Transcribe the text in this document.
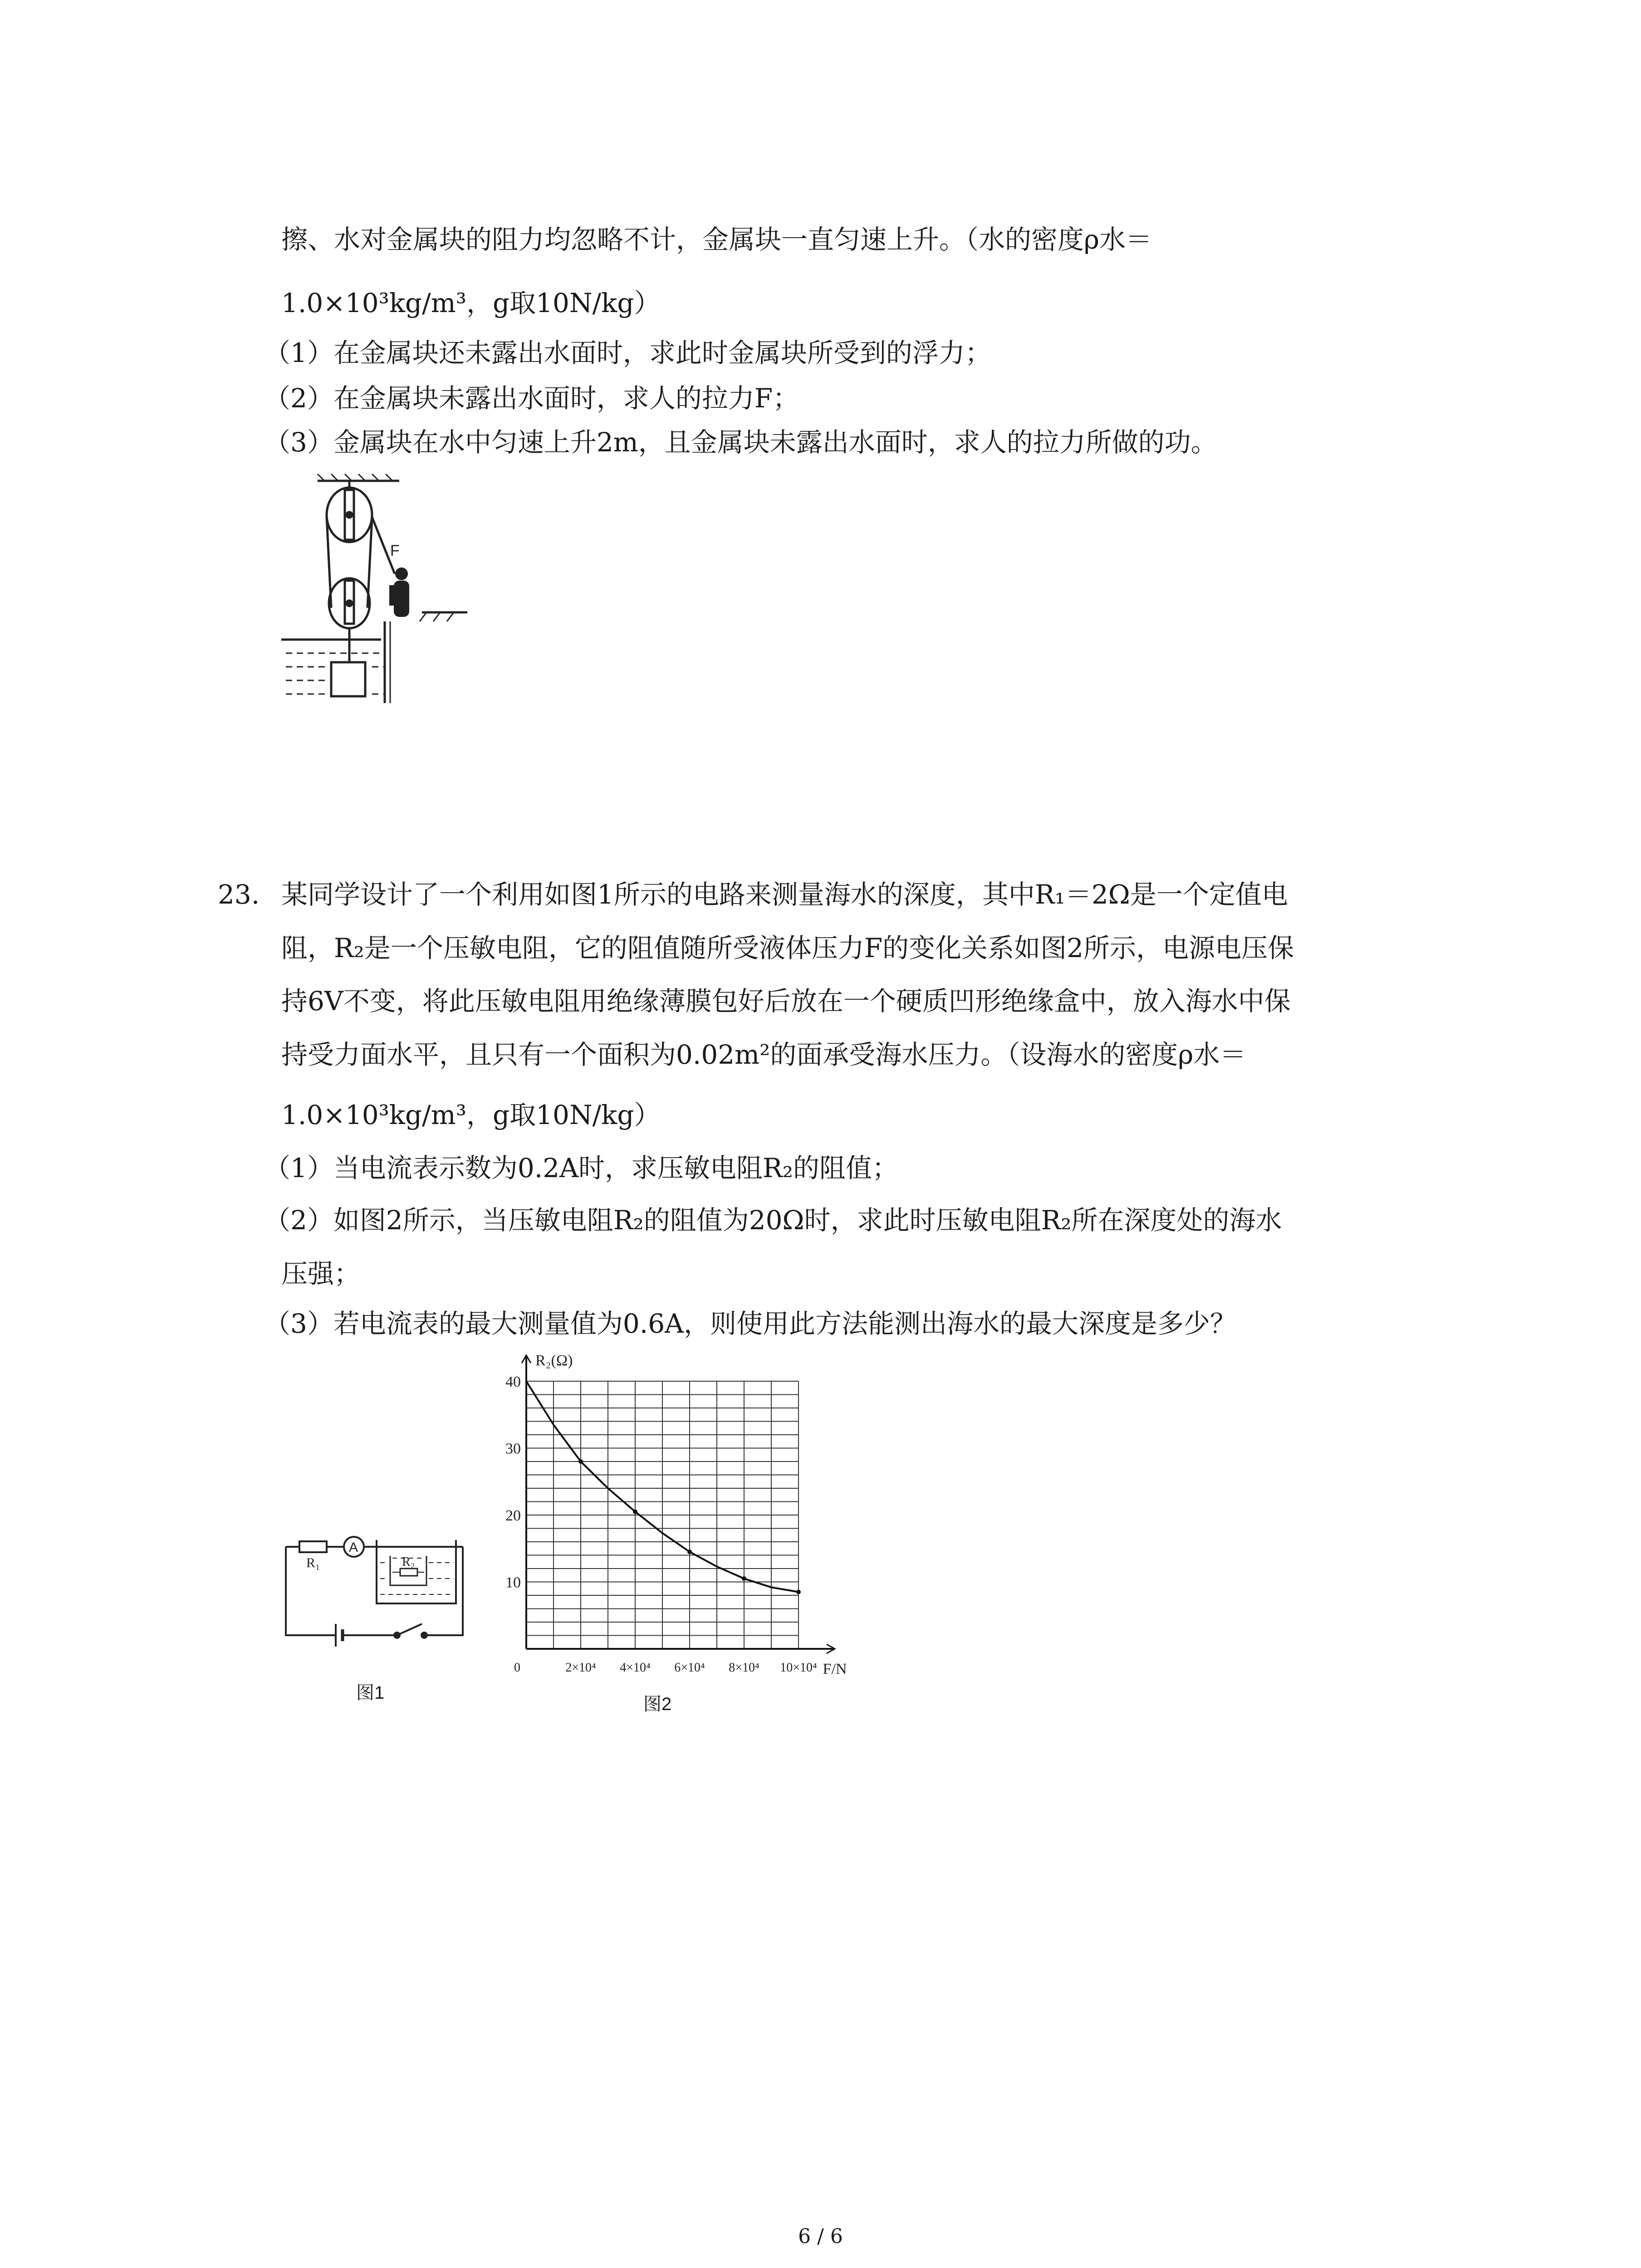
擦、水对金属块的阻力均忽略不计，金属块一直匀速上升。（水的密度ρ水＝
1.0×10³kg/m³，g取10N/kg）
（1）在金属块还未露出水面时，求此时金属块所受到的浮力；
（2）在金属块未露出水面时，求人的拉力F；
（3）金属块在水中匀速上升2m，且金属块未露出水面时，求人的拉力所做的功。
F
23. 某同学设计了一个利用如图1所示的电路来测量海水的深度，其中R₁＝2Ω是一个定值电
阻，R₂是一个压敏电阻，它的阻值随所受液体压力F的变化关系如图2所示，电源电压保
持6V不变，将此压敏电阻用绝缘薄膜包好后放在一个硬质凹形绝缘盒中，放入海水中保
持受力面水平，且只有一个面积为0.02m²的面承受海水压力。（设海水的密度ρ水＝
1.0×10³kg/m³，g取10N/kg）
（1）当电流表示数为0.2A时，求压敏电阻R₂的阻值；
（2）如图2所示，当压敏电阻R₂的阻值为20Ω时，求此时压敏电阻R₂所在深度处的海水
压强；
（3）若电流表的最大测量值为0.6A，则使用此方法能测出海水的最大深度是多少？
R₁
A
R₂
图1
10
20
30
40
0	2×10⁴ 4×10⁴ 6×10⁴ 8×10⁴ 10×10⁴
R₂(Ω)
F/N
图2
6 / 6
